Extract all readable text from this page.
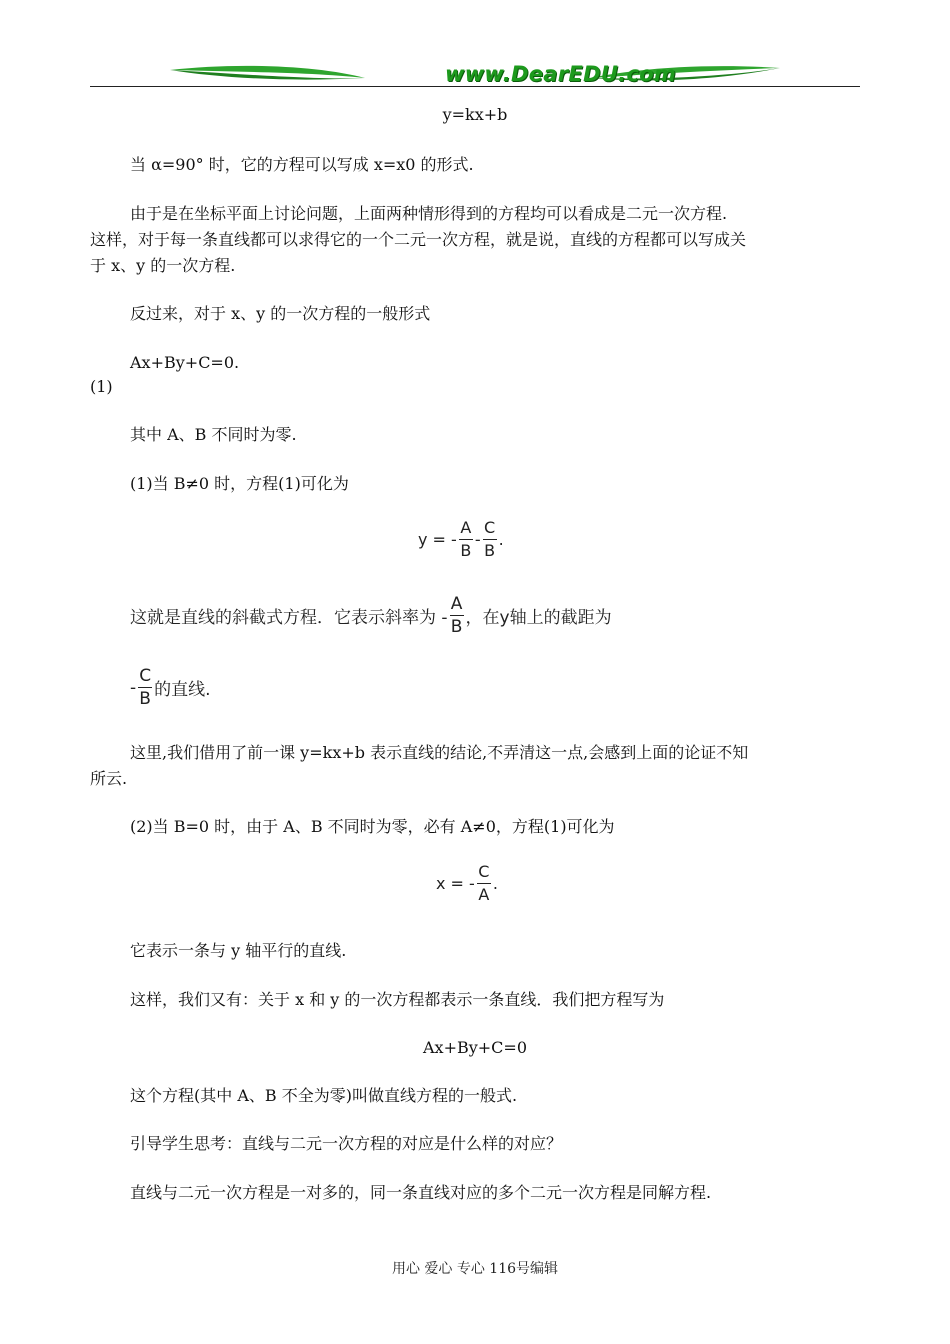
www.DearEDU.com

y=kx+b

当 α=90° 时，它的方程可以写成 x=x0 的形式.

由于是在坐标平面上讨论问题，上面两种情形得到的方程均可以看成是二元一次方程.

这样，对于每一条直线都可以求得它的一个二元一次方程，就是说，直线的方程都可以写成关

于 x、y 的一次方程.

反过来，对于 x、y 的一次方程的一般形式

Ax+By+C=0.

(1)

其中 A、B 不同时为零.

(1)当 B≠0 时，方程(1)可化为

y = - $\frac{A}{B} - \frac{C}{B}$ .
这就是直线的斜截式方程．它表示斜率为 - $\frac{A}{B}$ ，在y轴上的截距为
- $\frac{C}{B}$ 的直线.

这里,我们借用了前一课 y=kx+b 表示直线的结论,不弄清这一点,会感到上面的论证不知

所云.

(2)当 B=0 时，由于 A、B 不同时为零，必有 A≠0，方程(1)可化为

x = - $\frac{C}{A}$ .

它表示一条与 y 轴平行的直线.

这样，我们又有：关于 x 和 y 的一次方程都表示一条直线．我们把方程写为

Ax+By+C=0

这个方程(其中 A、B 不全为零)叫做直线方程的一般式.

引导学生思考：直线与二元一次方程的对应是什么样的对应？

直线与二元一次方程是一对多的，同一条直线对应的多个二元一次方程是同解方程.

用心 爱心 专心 116号编辑
